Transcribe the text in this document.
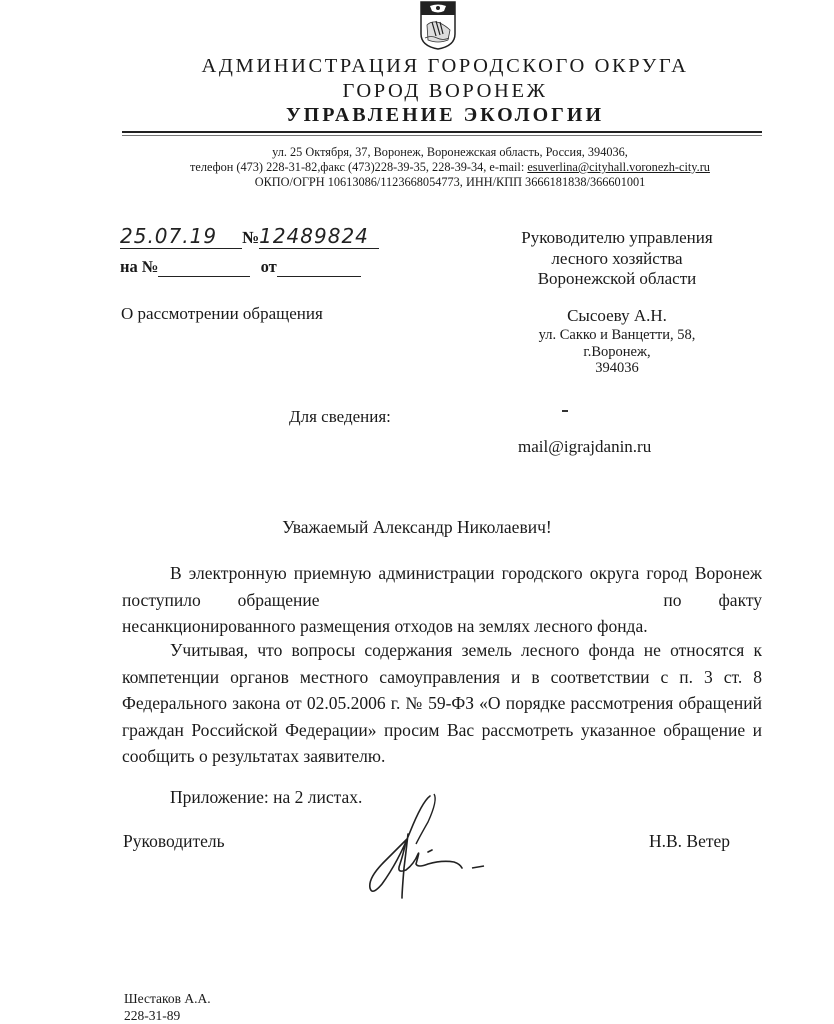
АДМИНИСТРАЦИЯ ГОРОДСКОГО ОКРУГА
ГОРОД ВОРОНЕЖ
УПРАВЛЕНИЕ ЭКОЛОГИИ
ул. 25 Октября, 37, Воронеж, Воронежская область, Россия, 394036,
телефон (473) 228-31-82,факс (473)228-39-35, 228-39-34, e-mail: esuverlina@cityhall.voronezh-city.ru
ОКПО/ОГРН 10613086/1123668054773, ИНН/КПП 3666181838/366601001
25.07.19 №12489824
на №	от
О рассмотрении обращения
Руководителю управления
лесного хозяйства
Воронежской области
Сысоеву А.Н.
ул. Сакко и Ванцетти, 58,
г.Воронеж,
394036
Для сведения:
mail@igrajdanin.ru
Уважаемый Александр Николаевич!
В электронную приемную администрации городского округа город Воронеж поступило обращение	по факту несанкционированного размещения отходов на землях лесного фонда.
Учитывая, что вопросы содержания земель лесного фонда не относятся к компетенции органов местного самоуправления и в соответствии с п. 3 ст. 8 Федерального закона от 02.05.2006 г. № 59-ФЗ «О порядке рассмотрения обращений граждан Российской Федерации» просим Вас рассмотреть указанное обращение и сообщить о результатах заявителю.
Приложение: на 2 листах.
Руководитель	Н.В. Ветер
Шестаков А.А.
228-31-89
